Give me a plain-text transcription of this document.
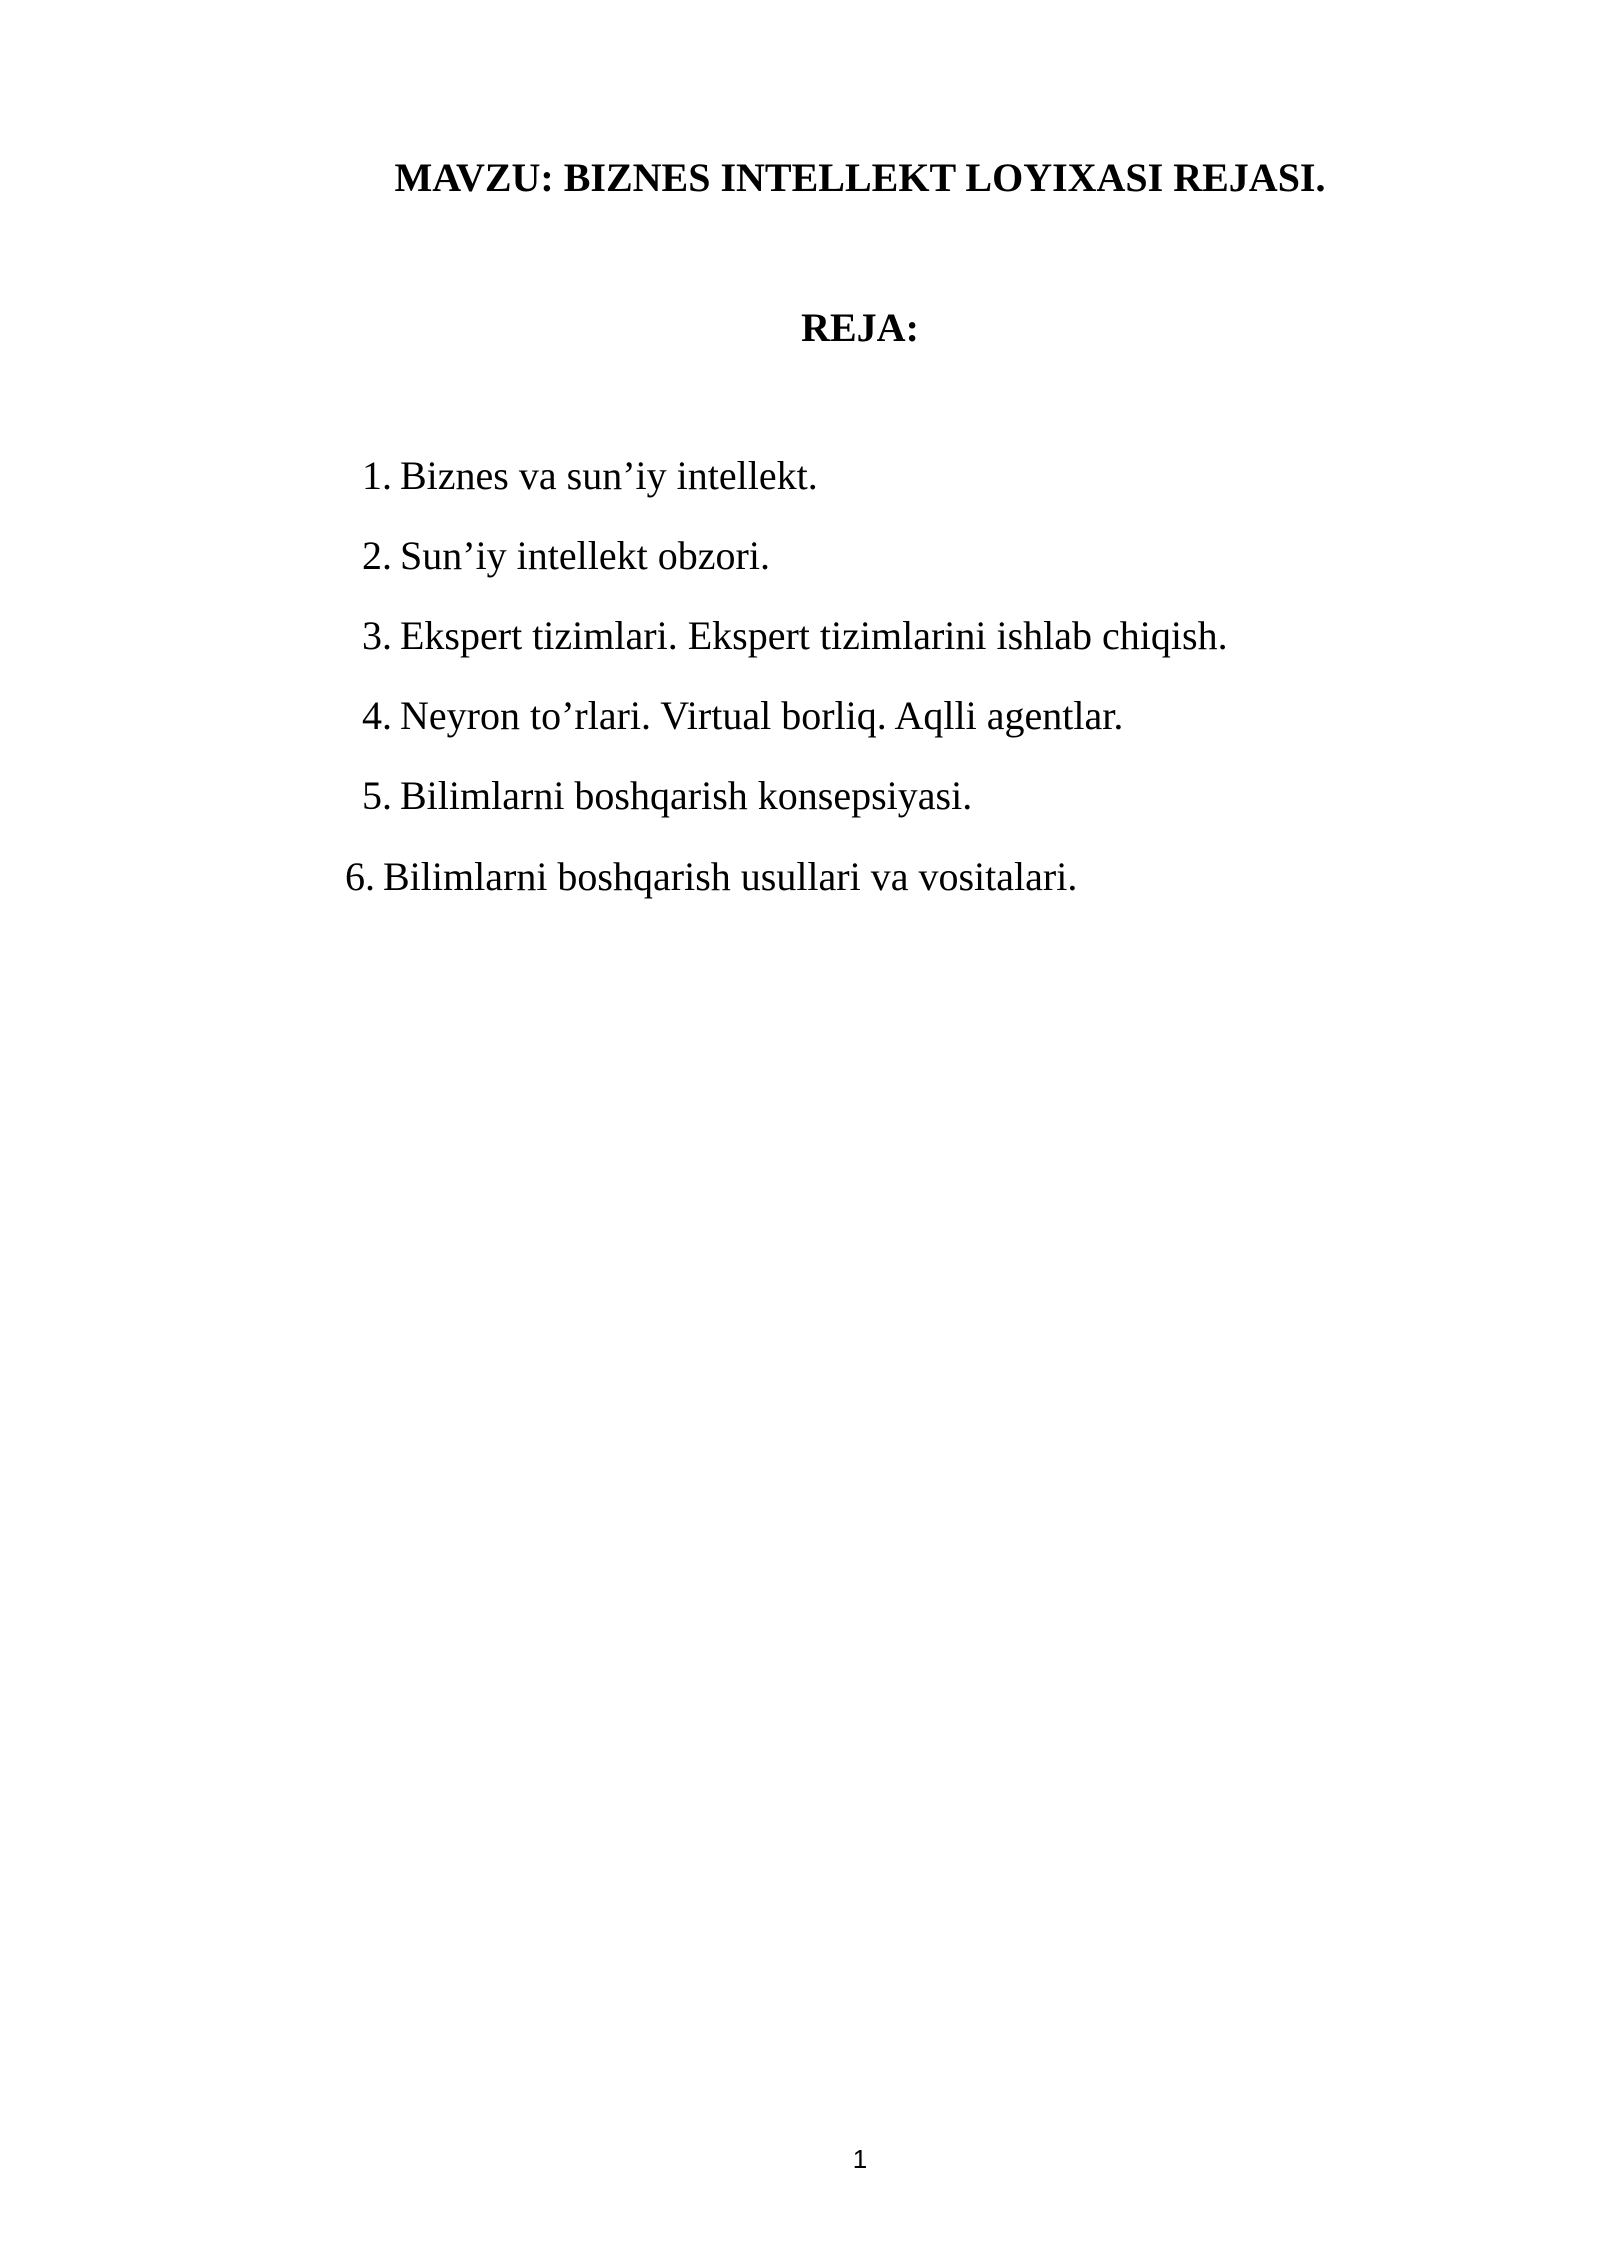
MAVZU: BIZNES INTELLEKT LOYIXASI REJASI.
REJA:
1. Biznes va sun’iy intellekt.
2. Sun’iy intellekt obzori.
3. Ekspert tizimlari. Ekspert tizimlarini ishlab chiqish.
4. Neyron to’rlari. Virtual borliq. Aqlli agentlar.
5. Bilimlarni boshqarish konsepsiyasi.
6. Bilimlarni boshqarish usullari va vositalari.
1
